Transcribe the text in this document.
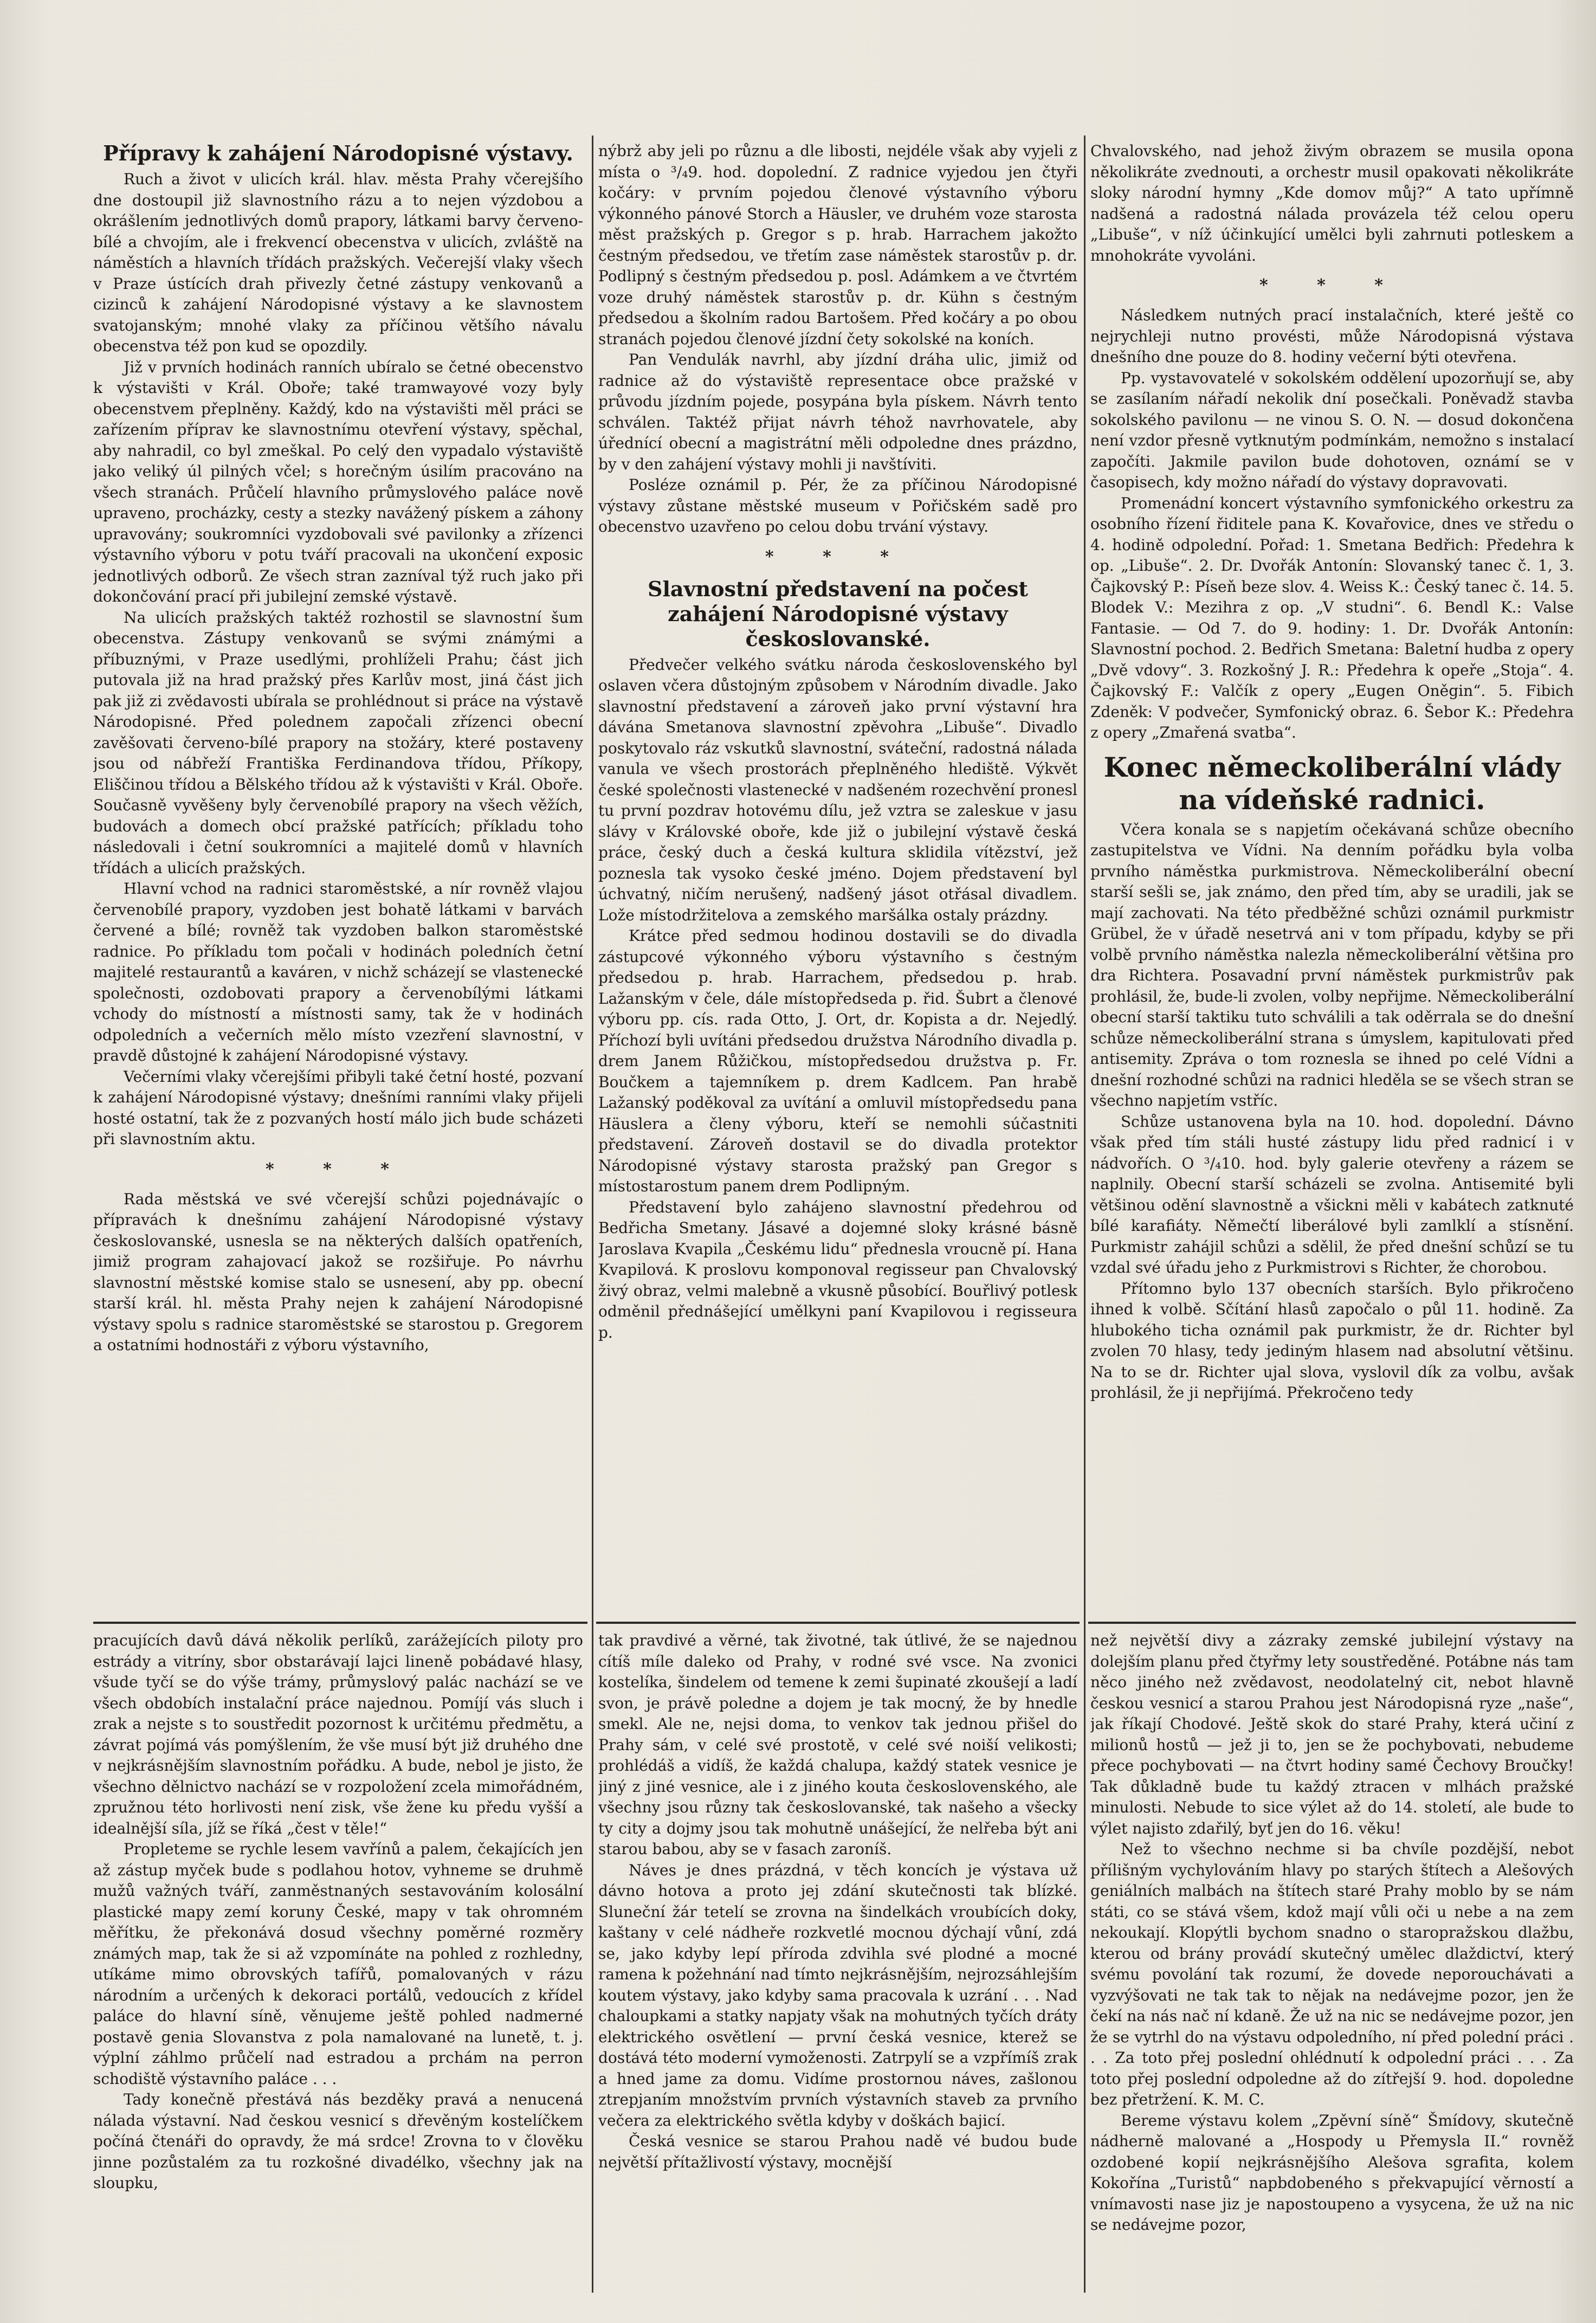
Přípravy k zahájení Národopisné výstavy.

Ruch a život v ulicích král. hlav. města Prahy včerejšího dne dostoupil již slavnostního rázu a to nejen výzdobou a okrášlením jednotlivých domů prapory, látkami barvy červeno-bílé a chvojím, ale i frekvencí obecenstva v ulicích, zvláště na náměstích a hlavních třídách pražských. Večerejší vlaky všech v Praze ústících drah přivezly četné zástupy venkovanů a cizinců k zahájení Národopisné výstavy a ke slavnostem svatojanským; mnohé vlaky za příčinou většího návalu obecenstva též pon kud se opozdily.

Již v prvních hodinách ranních ubíralo se četné obecenstvo k výstavišti v Král. Oboře; také tramwayové vozy byly obecenstvem přeplněny. Každý, kdo na výstavišti měl práci se zařízením příprav ke slavnostnímu otevření výstavy, spěchal, aby nahradil, co byl zmeškal. Po celý den vypadalo výstaviště jako veliký úl pilných včel; s horečným úsilím pracováno na všech stranách. Průčelí hlavního průmyslového paláce nově upraveno, procházky, cesty a stezky navážený pískem a záhony upravovány; soukromníci vyzdobovali své pavilonky a zřízenci výstavního výboru v potu tváří pracovali na ukončení exposic jednotlivých odborů. Ze všech stran zazníval týž ruch jako při dokončování prací při jubilejní zemské výstavě.

Na ulicích pražských taktéž rozhostil se slavnostní šum obecenstva. Zástupy venkovanů se svými známými a příbuznými, v Praze usedlými, prohlíželi Prahu; část jich putovala již na hrad pražský přes Karlův most, jiná část jich pak již zi zvědavosti ubírala se prohlédnout si práce na výstavě Národopisné. Před polednem započali zřízenci obecní zavěšovati červeno-bílé prapory na stožáry, které postaveny jsou od nábřeží Františka Ferdinandova třídou, Příkopy, Eliščinou třídou a Bělského třídou až k výstavišti v Král. Oboře. Současně vyvěšeny byly červenobílé prapory na všech věžích, budovách a domech obcí pražské patřících; příkladu toho následovali i četní soukromníci a majitelé domů v hlavních třídách a ulicích pražských.

Hlavní vchod na radnici staroměstské, a nír rovněž vlajou červenobílé prapory, vyzdoben jest bohatě látkami v barvách červené a bílé; rovněž tak vyzdoben balkon staroměstské radnice. Po příkladu tom počali v hodinách poledních četní majitelé restaurantů a kaváren, v nichž scházejí se vlastenecké společnosti, ozdobovati prapory a červenobílými látkami vchody do místností a místnosti samy, tak že v hodinách odpoledních a večerních mělo místo vzezření slavnostní, v pravdě důstojné k zahájení Národopisné výstavy.

Večerními vlaky včerejšími přibyli také četní hosté, pozvaní k zahájení Národopisné výstavy; dnešními ranními vlaky přijeli hosté ostatní, tak že z pozvaných hostí málo jich bude scházeti při slavnostním aktu.

* * *

Rada městská ve své včerejší schůzi pojednávajíc o přípravách k dnešnímu zahájení Národopisné výstavy českoslovanské, usnesla se na některých dalších opatřeních, jimiž program zahajovací jakož se rozšiřuje. Po návrhu slavnostní městské komise stalo se usnesení, aby pp. obecní starší král. hl. města Prahy nejen k zahájení Národopisné výstavy spolu s radnice staroměstské se starostou p. Gregorem a ostatními hodnostáři z výboru výstavního,

nýbrž aby jeli po různu a dle libosti, nejdéle však aby vyjeli z místa o ³/₄9. hod. dopolední. Z radnice vyjedou jen čtyři kočáry: v prvním pojedou členové výstavního výboru výkonného pánové Storch a Häusler, ve druhém voze starosta měst pražských p. Gregor s p. hrab. Harrachem jakožto čestným předsedou, ve třetím zase náměstek starostův p. dr. Podlipný s čestným předsedou p. posl. Adámkem a ve čtvrtém voze druhý náměstek starostův p. dr. Kühn s čestným předsedou a školním radou Bartošem. Před kočáry a po obou stranách pojedou členové jízdní čety sokolské na koních.

Pan Vendulák navrhl, aby jízdní dráha ulic, jimiž od radnice až do výstaviště representace obce pražské v průvodu jízdním pojede, posypána byla pískem. Návrh tento schválen. Taktéž přijat návrh téhož navrhovatele, aby úřednící obecní a magistrátní měli odpoledne dnes prázdno, by v den zahájení výstavy mohli ji navštíviti.

Posléze oznámil p. Pér, že za příčinou Národopisné výstavy zůstane městské museum v Pořičském sadě pro obecenstvo uzavřeno po celou dobu trvání výstavy.

* * *
Slavnostní představení na počest zahájení Národopisné výstavy českoslovanské.

Předvečer velkého svátku národa československého byl oslaven včera důstojným způsobem v Národním divadle. Jako slavnostní představení a zároveň jako první výstavní hra dávána Smetanova slavnostní zpěvohra „Libuše“. Divadlo poskytovalo ráz vskutků slavnostní, sváteční, radostná nálada vanula ve všech prostorách přeplněného hlediště. Výkvět české společnosti vlastenecké v nadšeném rozechvění pronesl tu první pozdrav hotovému dílu, jež vztra se zaleskue v jasu slávy v Královské oboře, kde již o jubilejní výstavě česká práce, český duch a česká kultura sklidila vítězství, jež poznesla tak vysoko české jméno. Dojem představení byl úchvatný, ničím nerušený, nadšený jásot otřásal divadlem. Lože místodržitelova a zemského maršálka ostaly prázdny.

Krátce před sedmou hodinou dostavili se do divadla zástupcové výkonného výboru výstavního s čestným předsedou p. hrab. Harrachem, předsedou p. hrab. Lažanským v čele, dále místopředseda p. řid. Šubrt a členové výboru pp. cís. rada Otto, J. Ort, dr. Kopista a dr. Nejedlý. Příchozí byli uvítáni předsedou družstva Národního divadla p. drem Janem Růžičkou, místopředsedou družstva p. Fr. Boučkem a tajemníkem p. drem Kadlcem. Pan hrabě Lažanský poděkoval za uvítání a omluvil místopředsedu pana Häuslera a členy výboru, kteří se nemohli súčastniti představení. Zároveň dostavil se do divadla protektor Národopisné výstavy starosta pražský pan Gregor s místostarostum panem drem Podlipným.

Představení bylo zahájeno slavnostní předehrou od Bedřicha Smetany. Jásavé a dojemné sloky krásné básně Jaroslava Kvapila „Českému lidu“ přednesla vroucně pí. Hana Kvapilová. K proslovu komponoval regisseur pan Chvalovský živý obraz, velmi malebně a vkusně působící. Bouřlivý potlesk odměnil přednášející umělkyni paní Kvapilovou i regisseura p.

Chvalovského, nad jehož živým obrazem se musila opona několikráte zvednouti, a orchestr musil opakovati několikráte sloky národní hymny „Kde domov můj?“ A tato upřímně nadšená a radostná nálada provázela též celou operu „Libuše“, v níž účinkující umělci byli zahrnuti potleskem a mnohokráte vyvoláni.

* * *

Následkem nutných prací instalačních, které ještě co nejrychleji nutno provésti, může Národopisná výstava dnešního dne pouze do 8. hodiny večerní býti otevřena.

Pp. vystavovatelé v sokolském oddělení upozorňují se, aby se zasílaním nářadí nekolik dní posečkali. Poněvadž stavba sokolského pavilonu — ne vinou S. O. N. — dosud dokončena není vzdor přesně vytknutým podmínkám, nemožno s instalací započíti. Jakmile pavilon bude dohotoven, oznámí se v časopisech, kdy možno nářadí do výstavy dopravovati.

Promenádní koncert výstavního symfonického orkestru za osobního řízení řiditele pana K. Kovařovice, dnes ve středu o 4. hodině odpolední. Pořad: 1. Smetana Bedřich: Předehra k op. „Libuše“. 2. Dr. Dvořák Antonín: Slovanský tanec č. 1, 3. Čajkovský P.: Píseň beze slov. 4. Weiss K.: Český tanec č. 14. 5. Blodek V.: Mezihra z op. „V studni“. 6. Bendl K.: Valse Fantasie. — Od 7. do 9. hodiny: 1. Dr. Dvořák Antonín: Slavnostní pochod. 2. Bedřich Smetana: Baletní hudba z opery „Dvě vdovy“. 3. Rozkošný J. R.: Předehra k opeře „Stoja“. 4. Čajkovský F.: Valčík z opery „Eugen Oněgin“. 5. Fibich Zdeněk: V podvečer, Symfonický obraz. 6. Šebor K.: Předehra z opery „Zmařená svatba“.

Konec německoliberální vlády na vídeňské radnici.

Včera konala se s napjetím očekávaná schůze obecního zastupitelstva ve Vídni. Na denním pořádku byla volba prvního náměstka purkmistrova. Německoliberální obecní starší sešli se, jak známo, den před tím, aby se uradili, jak se mají zachovati. Na této předběžné schůzi oznámil purkmistr Grübel, že v úřadě nesetrvá ani v tom případu, kdyby se při volbě prvního náměstka nalezla německoliberální většina pro dra Richtera. Posavadní první náměstek purkmistrův pak prohlásil, že, bude-li zvolen, volby nepřijme. Německoliberální obecní starší taktiku tuto schválili a tak oděrrala se do dnešní schůze německoliberální strana s úmyslem, kapitulovati před antisemity. Zpráva o tom roznesla se ihned po celé Vídni a dnešní rozhodné schůzi na radnici hleděla se se všech stran se všechno napjetím vstříc.

Schůze ustanovena byla na 10. hod. dopolední. Dávno však před tím stáli husté zástupy lidu před radnicí i v nádvořích. O ³/₄10. hod. byly galerie otevřeny a rázem se naplnily. Obecní starší scházeli se zvolna. Antisemité byli většinou odění slavnostně a všickni měli v kabátech zatknuté bílé karafiáty. Němečtí liberálové byli zamlklí a stísnění. Purkmistr zahájil schůzi a sdělil, že před dnešní schůzí se tu vzdal své úřadu jeho z Purkmistrovi s Richter, že chorobou.

Přítomno bylo 137 obecních starších. Bylo přikročeno ihned k volbě. Sčítání hlasů započalo o půl 11. hodině. Za hlubokého ticha oznámil pak purkmistr, že dr. Richter byl zvolen 70 hlasy, tedy jediným hlasem nad absolutní většinu. Na to se dr. Richter ujal slova, vyslovil dík za volbu, avšak prohlásil, že ji nepřijímá. Překročeno tedy

pracujících davů dává několik perlíků, zarážejících piloty pro estrády a vitríny, sbor obstarávají lajci lineně pobádavé hlasy, všude tyčí se do výše trámy, průmyslový palác nachází se ve všech obdobích instalační práce najednou. Pomíjí vás sluch i zrak a nejste s to soustředit pozornost k určitému předmětu, a závrat pojímá vás pomýšlením, že vše musí být již druhého dne v nejkrásnějším slavnostním pořádku. A bude, nebol je jisto, že všechno dělnictvo nachází se v rozpoložení zcela mimořádném, zpružnou této horlivosti není zisk, vše žene ku předu vyšší a idealnější síla, jíž se říká „čest v těle!“

Propleteme se rychle lesem vavřínů a palem, čekajících jen až zástup myček bude s podlahou hotov, vyhneme se druhmě mužů važných tváří, zanměstnaných sestavováním kolosální plastické mapy zemí koruny České, mapy v tak ohromném měřítku, že překonává dosud všechny poměrné rozměry známých map, tak že si až vzpomínáte na pohled z rozhledny, utíkáme mimo obrovských tafířů, pomalovaných v rázu národním a určených k dekoraci portálů, vedoucích z křídel paláce do hlavní síně, věnujeme ještě pohled nadmerné postavě genia Slovanstva z pola namalované na lunetě, t. j. výplní záhlmo průčelí nad estradou a prchám na perron schodiště výstavního paláce . . .

Tady konečně přestává nás bezděky pravá a nenucená nálada výstavní. Nad českou vesnicí s dřevěným kostelíčkem počíná čtenáři do opravdy, že má srdce! Zrovna to v člověku jinne pozůstalém za tu rozkošné divadélko, všechny jak na sloupku,

tak pravdivé a věrné, tak životné, tak útlivé, že se najednou cítíš míle daleko od Prahy, v rodné své vsce. Na zvonici kostelíka, šindelem od temene k zemi šupinaté zkoušejí a ladí svon, je právě poledne a dojem je tak mocný, že by hnedle smekl. Ale ne, nejsi doma, to venkov tak jednou přišel do Prahy sám, v celé své prostotě, v celé své noiší velikosti; prohlédáš a vidíš, že každá chalupa, každý statek vesnice je jiný z jiné vesnice, ale i z jiného kouta československého, ale všechny jsou různy tak českoslovanské, tak našeho a všecky ty city a dojmy jsou tak mohutně unášející, že nelřeba být ani starou babou, aby se v fasach zaroníš.

Náves je dnes prázdná, v těch koncích je výstava už dávno hotova a proto jej zdání skutečnosti tak blízké. Sluneční žár tetelí se zrovna na šindelkách vroubících doky, kaštany v celé nádheře rozkvetlé mocnou dýchají vůní, zdá se, jako kdyby lepí příroda zdvihla své plodné a mocné ramena k požehnání nad tímto nejkrásnějším, nejrozsáhlejším koutem výstavy, jako kdyby sama pracovala k uzrání . . . Nad chaloupkami a statky napjaty však na mohutných tyčích dráty elektrického osvětlení — první česká vesnice, kterež se dostává této moderní vymoženosti. Zatrpylí se a vzpřímíš zrak a hned jame za domu. Vidíme prostornou náves, zašlonou ztrepjaním množstvím prvních výstavních staveb za prvního večera za elektrického světla kdyby v doškách bajicí.

Česká vesnice se starou Prahou nadě vé budou bude největší přítažlivostí výstavy, mocnější

než největší divy a zázraky zemské jubilejní výstavy na dolejším planu před čtyřmy lety soustředěné. Potábne nás tam něco jiného než zvědavost, neodolatelný cit, nebot hlavně českou vesnicí a starou Prahou jest Národopisná ryze „naše“, jak říkají Chodové. Ještě skok do staré Prahy, která učiní z milionů hostů — jež ji to, jen se že pochybovati, nebudeme přece pochybovati — na čtvrt hodiny samé Čechovy Broučky! Tak důkladně bude tu každý ztracen v mlhách pražské minulosti. Nebude to sice výlet až do 14. století, ale bude to výlet najisto zdařilý, byť jen do 16. věku!

Než to všechno nechme si ba chvíle pozdější, nebot přílišným vychylováním hlavy po starých štítech a Alešových geniálních malbách na štítech staré Prahy moblo by se nám státi, co se stává všem, kdož mají vůli oči u nebe a na zem nekoukají. Klopýtli bychom snadno o staropražskou dlažbu, kterou od brány provádí skutečný umělec dlaždictví, který svému povolání tak rozumí, že dovede neporouchávati a vyzvýšovati ne tak tak to nějak na nedávejme pozor, jen že čekí na nás nač ní kdaně. Že už na nic se nedávejme pozor, jen že se vytrhl do na výstavu odpoledního, ní před polední práci . . . Za toto přej poslední ohlédnutí k odpolední práci . . . Za toto přej poslední odpoledne až do zítřejší 9. hod. dopoledne bez přetržení. K. M. C.

Bereme výstavu kolem „Zpěvní síně“ Šmídovy, skutečně nádherně malované a „Hospody u Přemysla II.“ rovněž ozdobené kopií nejkrásnějšího Alešova sgrafita, kolem Kokořína „Turistů“ napbdobeného s překvapující věrností a vnímavosti nase jiz je napostoupeno a vysycena, že už na nic se nedávejme pozor,
